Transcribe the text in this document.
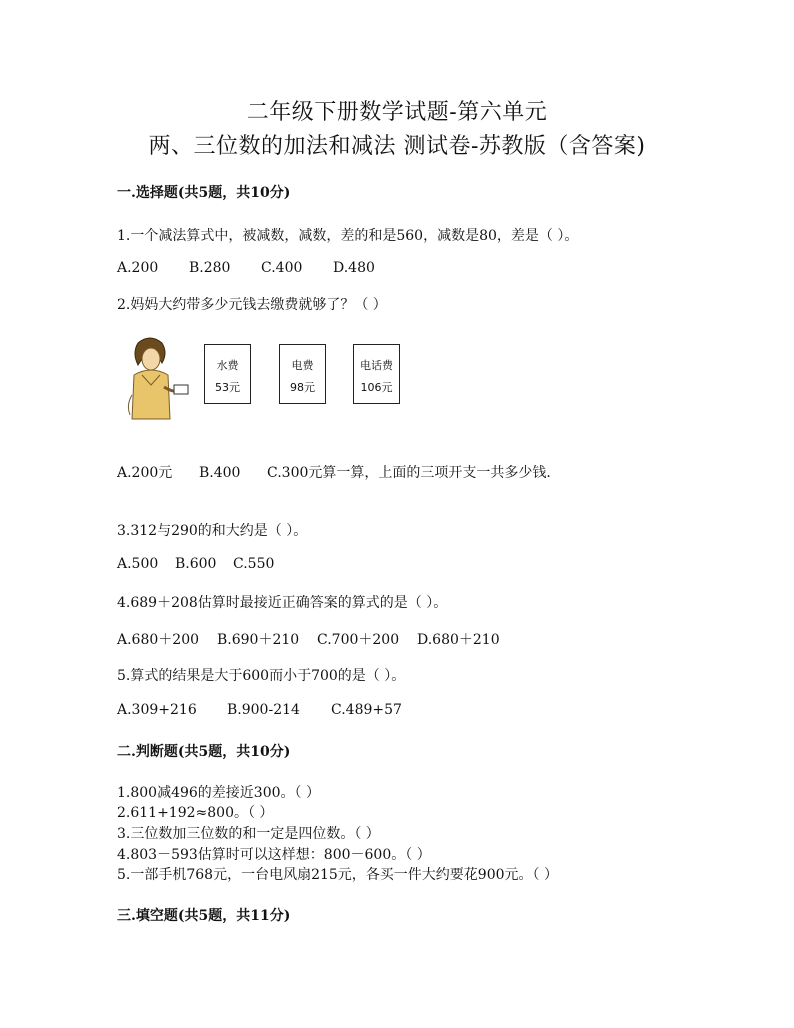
二年级下册数学试题-第六单元
两、三位数的加法和减法 测试卷-苏教版（含答案)
一.选择题(共5题，共10分)
1.一个减法算式中，被减数，减数，差的和是560，减数是80，差是（ ）。
A.200 B.280 C.400 D.480
2.妈妈大约带多少元钱去缴费就够了？（ ）
水费
53元
电费
98元
电话费
106元
A.200元 B.400 C.300元算一算，上面的三项开支一共多少钱.
3.312与290的和大约是（ ）。
A.500 B.600 C.550
4.689＋208估算时最接近正确答案的算式的是（ ）。
A.680＋200 B.690＋210 C.700＋200 D.680＋210
5.算式的结果是大于600而小于700的是（ ）。
A.309+216 B.900-214 C.489+57
二.判断题(共5题，共10分)
1.800减496的差接近300。（ ）
2.611+192≈800。（ ）
3.三位数加三位数的和一定是四位数。（ ）
4.803－593估算时可以这样想：800－600。（ ）
5.一部手机768元，一台电风扇215元，各买一件大约要花900元。（ ）
三.填空题(共5题，共11分)
